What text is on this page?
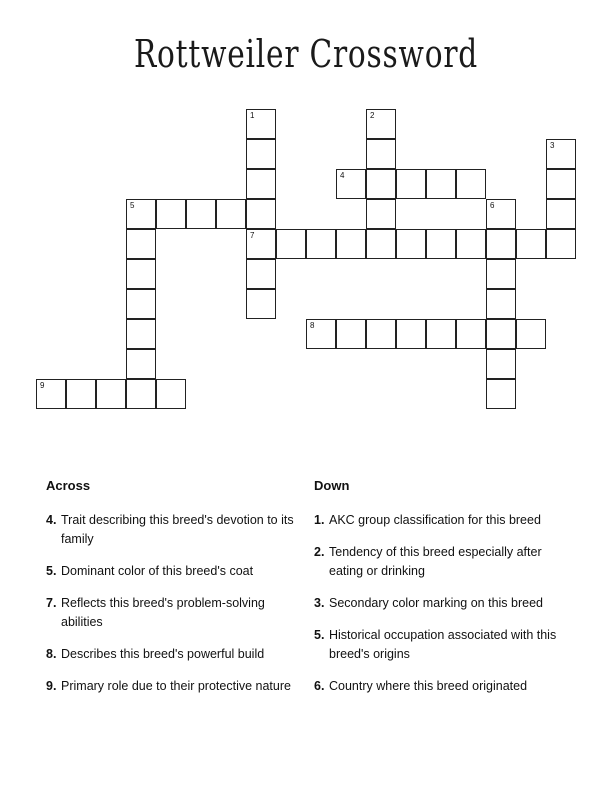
Rottweiler Crossword
4
5
7
8
9
1	2
3
6
Across
4. Trait describing this breed's devotion to its family
5. Dominant color of this breed's coat
7. Reflects this breed's problem-solving abilities
8. Describes this breed's powerful build
9. Primary role due to their protective nature
Down
1. AKC group classification for this breed
2. Tendency of this breed especially after eating or drinking
3. Secondary color marking on this breed
5. Historical occupation associated with this breed's origins
6. Country where this breed originated
